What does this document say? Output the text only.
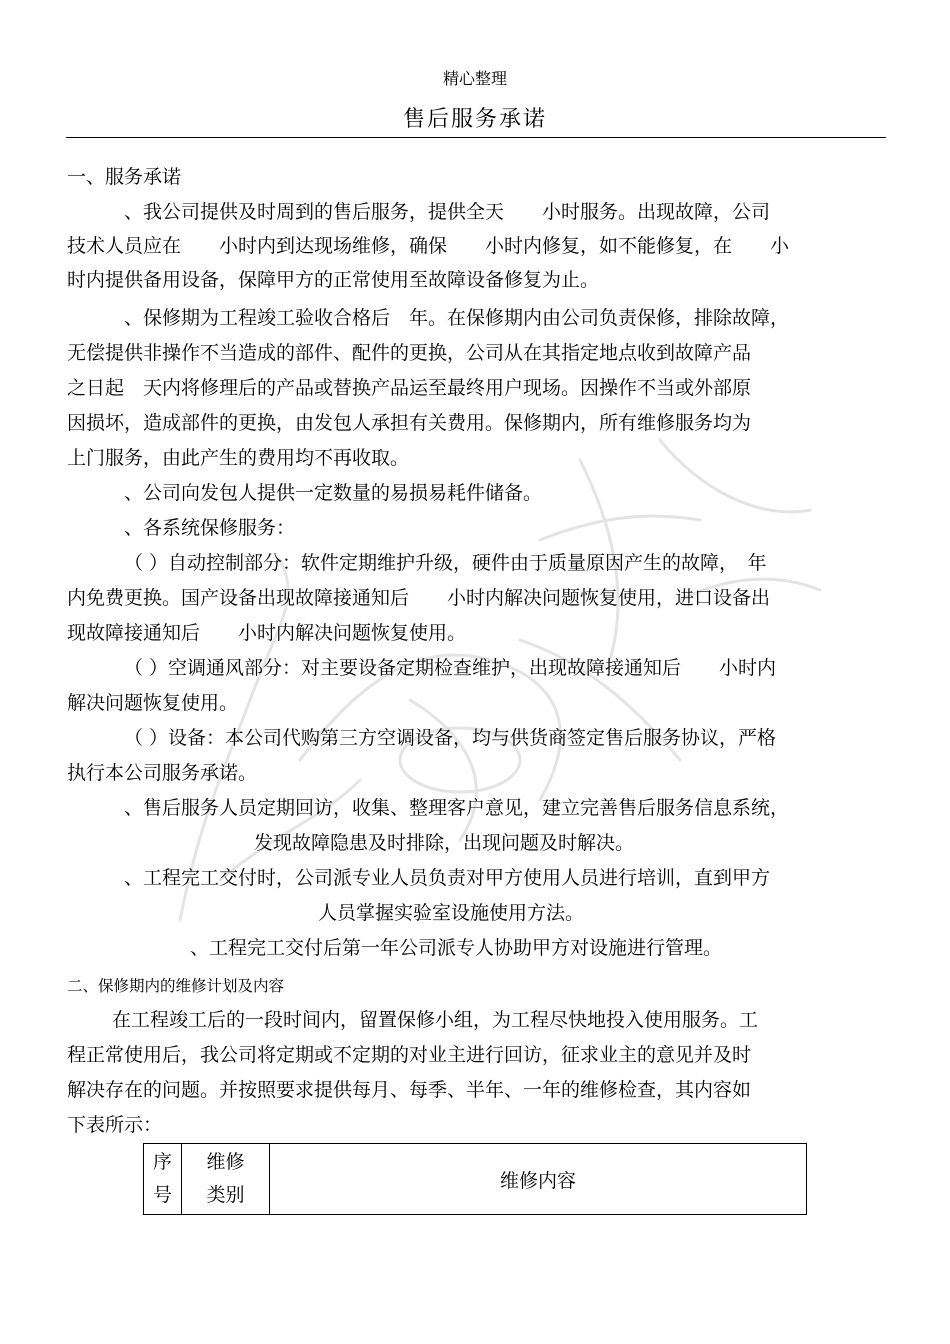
精心整理
售后服务承诺
一、服务承诺
、我公司提供及时周到的售后服务，提供全天　　小时服务。出现故障，公司
技术人员应在　　小时内到达现场维修，确保　　小时内修复，如不能修复，在　　小
时内提供备用设备，保障甲方的正常使用至故障设备修复为止。
、保修期为工程竣工验收合格后　年。在保修期内由公司负责保修，排除故障，
无偿提供非操作不当造成的部件、配件的更换，公司从在其指定地点收到故障产品
之日起　天内将修理后的产品或替换产品运至最终用户现场。因操作不当或外部原
因损坏，造成部件的更换，由发包人承担有关费用。保修期内，所有维修服务均为
上门服务，由此产生的费用均不再收取。
、公司向发包人提供一定数量的易损易耗件储备。
、各系统保修服务：
（ ）自动控制部分：软件定期维护升级，硬件由于质量原因产生的故障，　年
内免费更换。国产设备出现故障接通知后　　小时内解决问题恢复使用，进口设备出
现故障接通知后　　小时内解决问题恢复使用。
（ ）空调通风部分：对主要设备定期检查维护，出现故障接通知后　　小时内
解决问题恢复使用。
（ ）设备：本公司代购第三方空调设备，均与供货商签定售后服务协议，严格
执行本公司服务承诺。
、售后服务人员定期回访，收集、整理客户意见，建立完善售后服务信息系统，
发现故障隐患及时排除，出现问题及时解决。
、工程完工交付时，公司派专业人员负责对甲方使用人员进行培训，直到甲方
人员掌握实验室设施使用方法。
、工程完工交付后第一年公司派专人协助甲方对设施进行管理。
二、保修期内的维修计划及内容
在工程竣工后的一段时间内，留置保修小组，为工程尽快地投入使用服务。工
程正常使用后，我公司将定期或不定期的对业主进行回访，征求业主的意见并及时
解决存在的问题。并按照要求提供每月、每季、半年、一年的维修检查，其内容如
下表所示：
序
号
维修
类别
维修内容
